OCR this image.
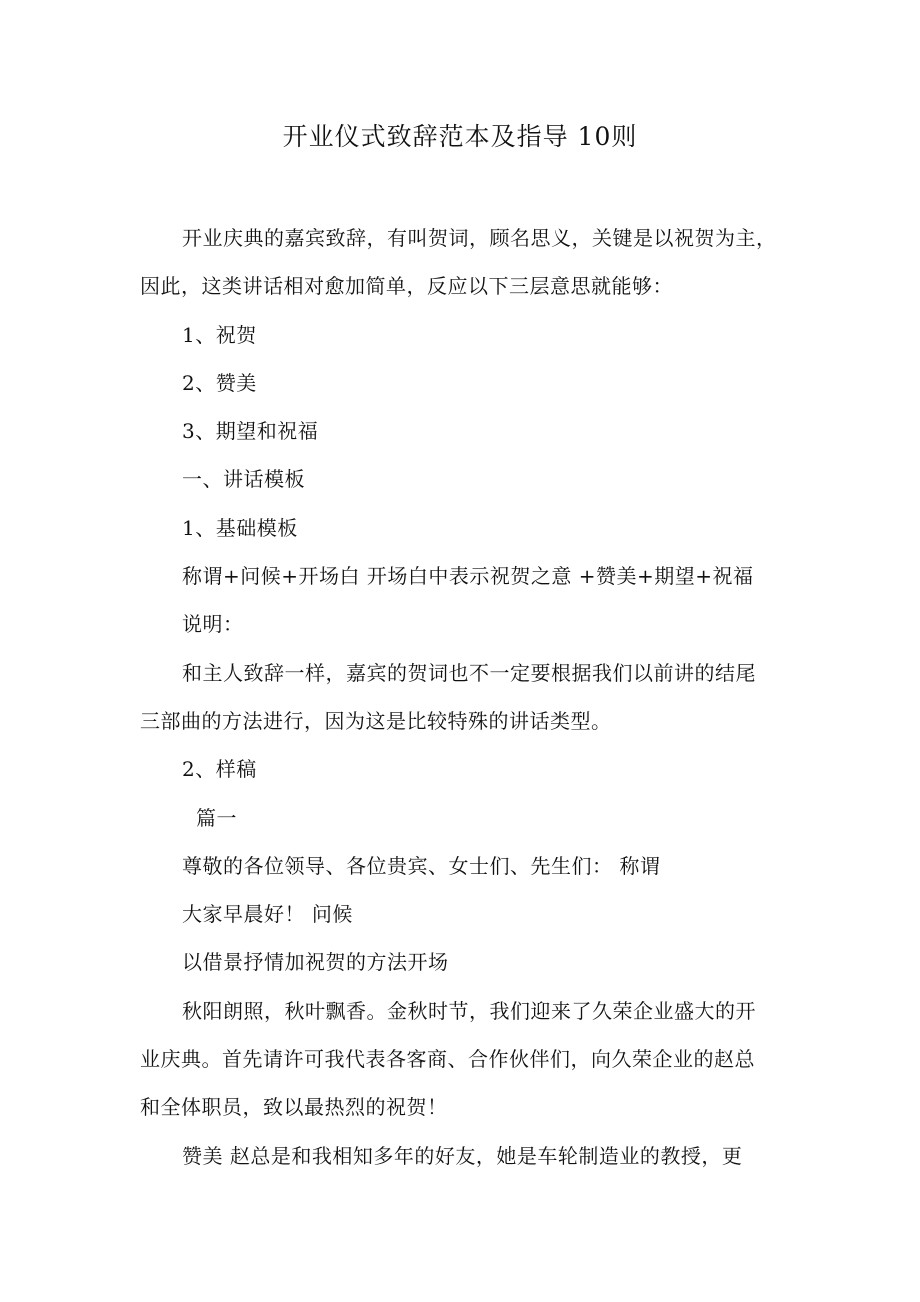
开业仪式致辞范本及指导 10则

开业庆典的嘉宾致辞，有叫贺词，顾名思义，关键是以祝贺为主，

因此，这类讲话相对愈加简单，反应以下三层意思就能够：

1、祝贺

2、赞美

3、期望和祝福

一、讲话模板

1、基础模板

称谓+问候+开场白 开场白中表示祝贺之意 +赞美+期望+祝福

说明：

和主人致辞一样，嘉宾的贺词也不一定要根据我们以前讲的结尾

三部曲的方法进行，因为这是比较特殊的讲话类型。

2、样稿

篇一

尊敬的各位领导、各位贵宾、女士们、先生们： 称谓

大家早晨好！ 问候

以借景抒情加祝贺的方法开场

秋阳朗照，秋叶飘香。金秋时节，我们迎来了久荣企业盛大的开

业庆典。首先请许可我代表各客商、合作伙伴们，向久荣企业的赵总

和全体职员，致以最热烈的祝贺！

赞美 赵总是和我相知多年的好友，她是车轮制造业的教授，更
